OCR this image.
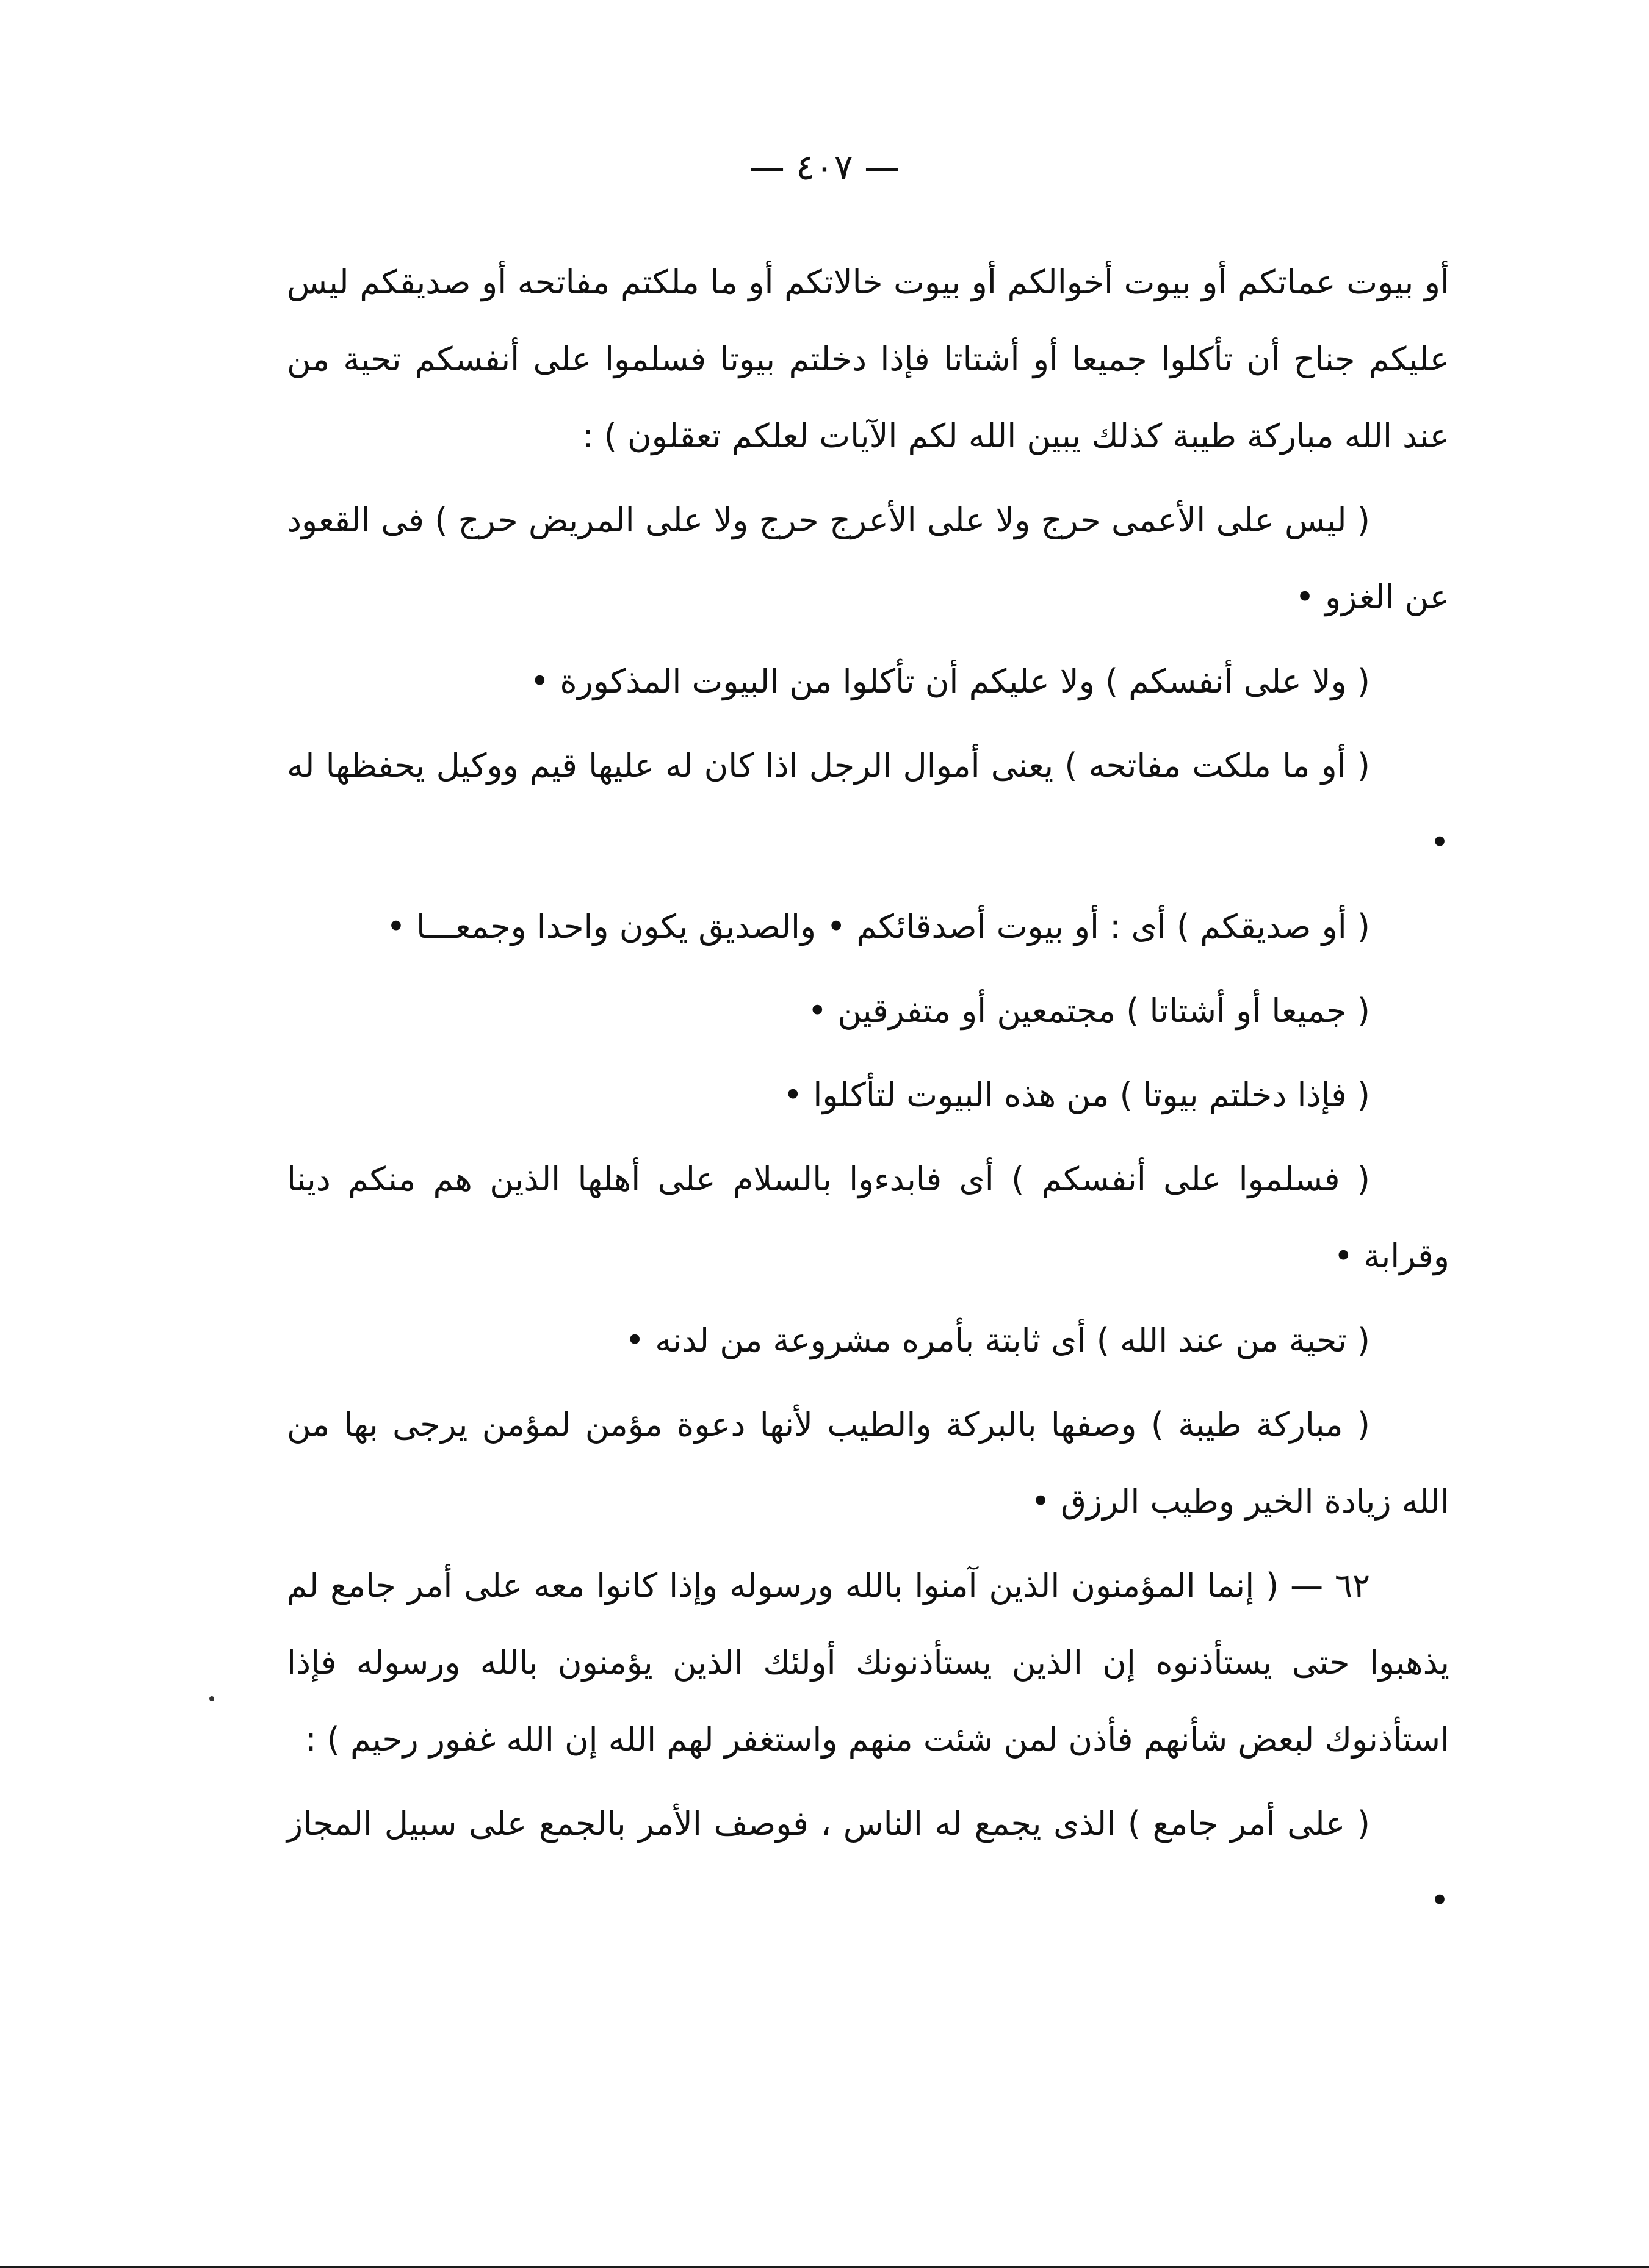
— ٤٠٧ —

أو بيوت عماتكم أو بيوت أخوالكم أو بيوت خالاتكم أو ما ملكتم مفاتحه أو صديقكم ليس عليكم جناح أن تأكلوا جميعا أو أشتاتا فإذا دخلتم بيوتا فسلموا على أنفسكم تحية من عند الله مباركة طيبة كذلك يبين الله لكم الآيات لعلكم تعقلون ) :

( ليس على الأعمى حرج ولا على الأعرج حرج ولا على المريض حرج ) فى القعود عن الغزو •

( ولا على أنفسكم ) ولا عليكم أن تأكلوا من البيوت المذكورة •

( أو ما ملكت مفاتحه ) يعنى أموال الرجل اذا كان له عليها قيم ووكيل يحفظها له •

( أو صديقكم ) أى : أو بيوت أصدقائكم • والصديق يكون واحدا وجمعـــا •

( جميعا أو أشتاتا ) مجتمعين أو متفرقين •

( فإذا دخلتم بيوتا ) من هذه البيوت لتأكلوا •

( فسلموا على أنفسكم ) أى فابدءوا بالسلام على أهلها الذين هم منكم دينا وقرابة •

( تحية من عند الله ) أى ثابتة بأمره مشروعة من لدنه •

( مباركة طيبة ) وصفها بالبركة والطيب لأنها دعوة مؤمن لمؤمن يرجى بها من الله زيادة الخير وطيب الرزق •

٦٢ — ( إنما المؤمنون الذين آمنوا بالله ورسوله وإذا كانوا معه على أمر جامع لم يذهبوا حتى يستأذنوه إن الذين يستأذنونك أولئك الذين يؤمنون بالله ورسوله فإذا استأذنوك لبعض شأنهم فأذن لمن شئت منهم واستغفر لهم الله إن الله غفور رحيم ) :

( على أمر جامع ) الذى يجمع له الناس ، فوصف الأمر بالجمع على سبيل المجاز •
